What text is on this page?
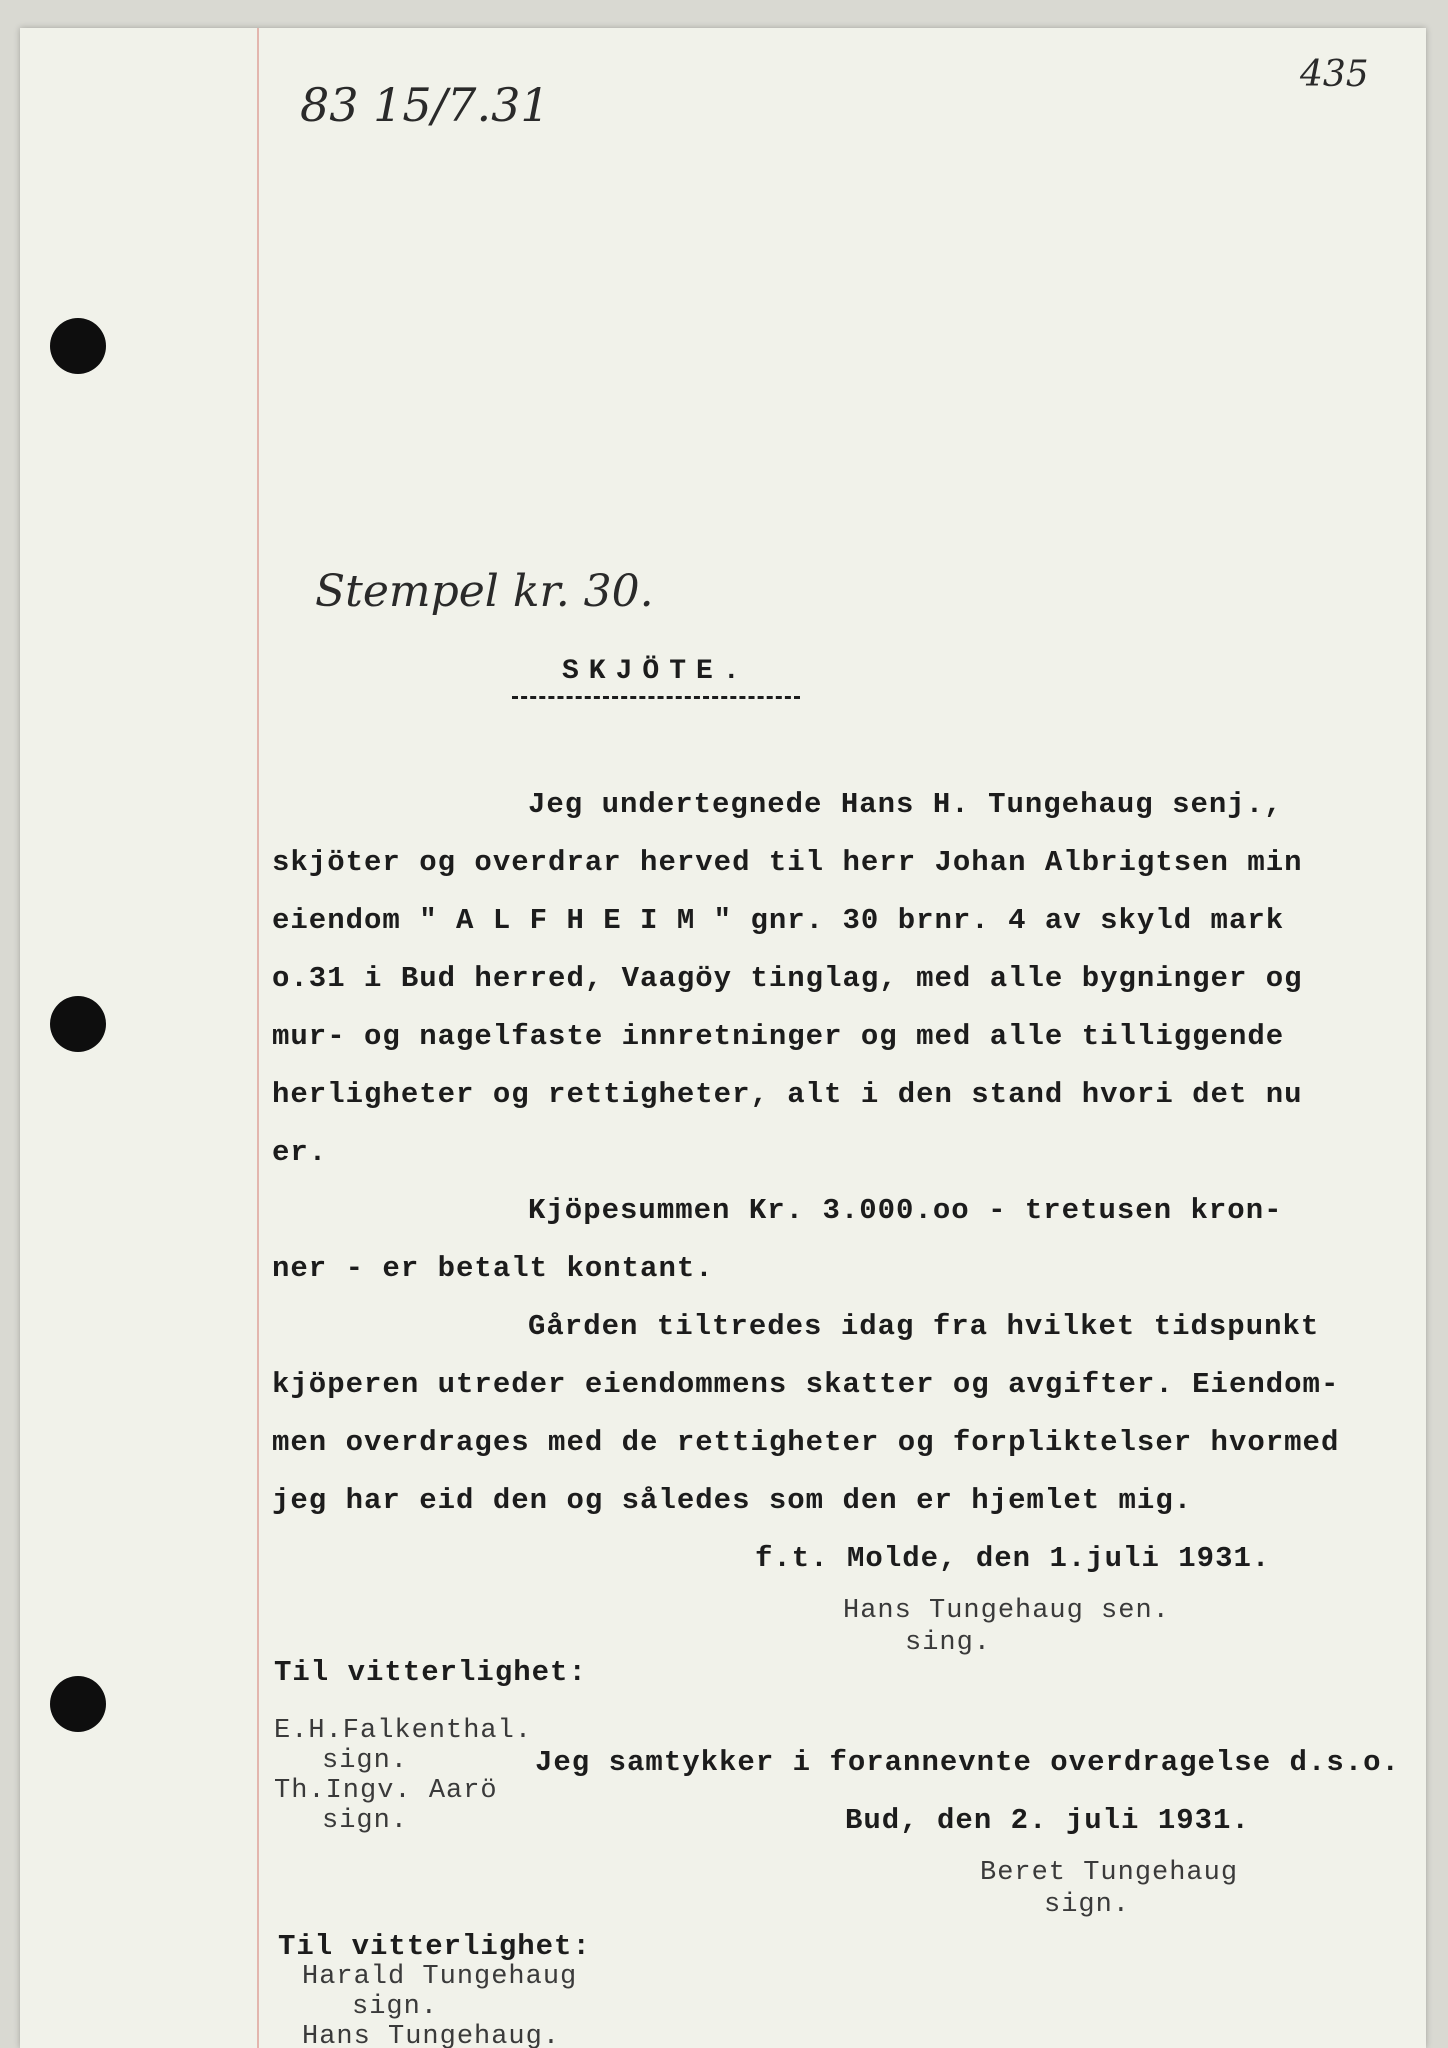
83 15/7.31
435
Stempel kr. 30.
SKJÖTE.
Jeg undertegnede Hans H. Tungehaug senj.,
skjöter og overdrar herved til herr Johan Albrigtsen min
eiendom " A L F H E I M " gnr. 30 brnr. 4 av skyld mark
o.31 i Bud herred, Vaagöy tinglag, med alle bygninger og
mur- og nagelfaste innretninger og med alle tilliggende
herligheter og rettigheter, alt i den stand hvori det nu
er.
Kjöpesummen Kr. 3.000.oo - tretusen kron-
ner - er betalt kontant.
Gården tiltredes idag fra hvilket tidspunkt
kjöperen utreder eiendommens skatter og avgifter. Eiendom-
men overdrages med de rettigheter og forpliktelser hvormed
jeg har eid den og således som den er hjemlet mig.
f.t. Molde, den 1.juli 1931.
Hans Tungehaug sen.
sing.
Til vitterlighet:
E.H.Falkenthal.
sign.
Th.Ingv. Aarö
sign.
Jeg samtykker i forannevnte overdragelse d.s.o.
Bud, den 2. juli 1931.
Beret Tungehaug
sign.
Til vitterlighet:
Harald Tungehaug
sign.
Hans Tungehaug.
